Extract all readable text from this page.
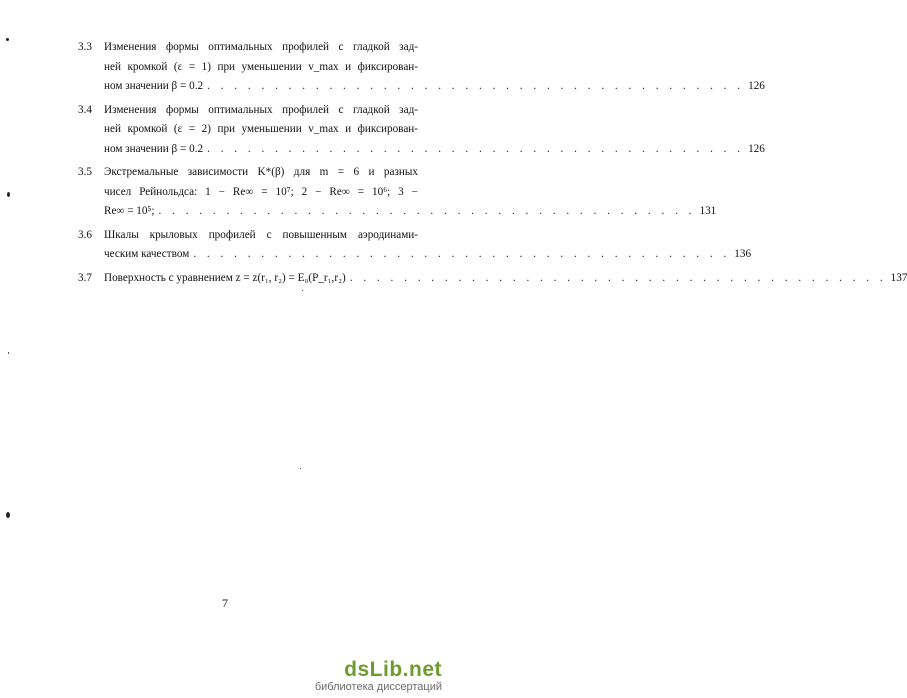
3.3 Изменения формы оптимальных профилей с гладкой зад-
ней кромкой (ε = 1) при уменьшении v_max и фиксирован-
ном значении β = 0.2 . . . . . . . . . . . . . . . . . . . . . . . . . . . . . . . . . . . . . . . . 126
3.4 Изменения формы оптимальных профилей с гладкой зад-
ней кромкой (ε = 2) при уменьшении v_max и фиксирован-
ном значении β = 0.2 . . . . . . . . . . . . . . . . . . . . . . . . . . . . . . . . . . . . . . . . 126
3.5 Экстремальные зависимости K*(β) для m = 6 и разных
чисел Рейнольдса: 1 − Re∞ = 10⁷; 2 − Re∞ = 10⁶; 3 −
Re∞ = 10⁵; . . . . . . . . . . . . . . . . . . . . . . . . . . . . . . . . . . . . . . . . 131
3.6 Шкалы крыловых профилей с повышенным аэродинами-
ческим качеством . . . . . . . . . . . . . . . . . . . . . . . . . . . . . . . . . . . . . . . . 136
3.7 Поверхность с уравнением z = z(r₁, r₂) = E₀(P_r₁,r₂) . . . . . . . . . . . . . . . . . . . . . . . . . . . . . . . . . . . . . . . . 137
7
dsLib.net
библиотека диссертаций
